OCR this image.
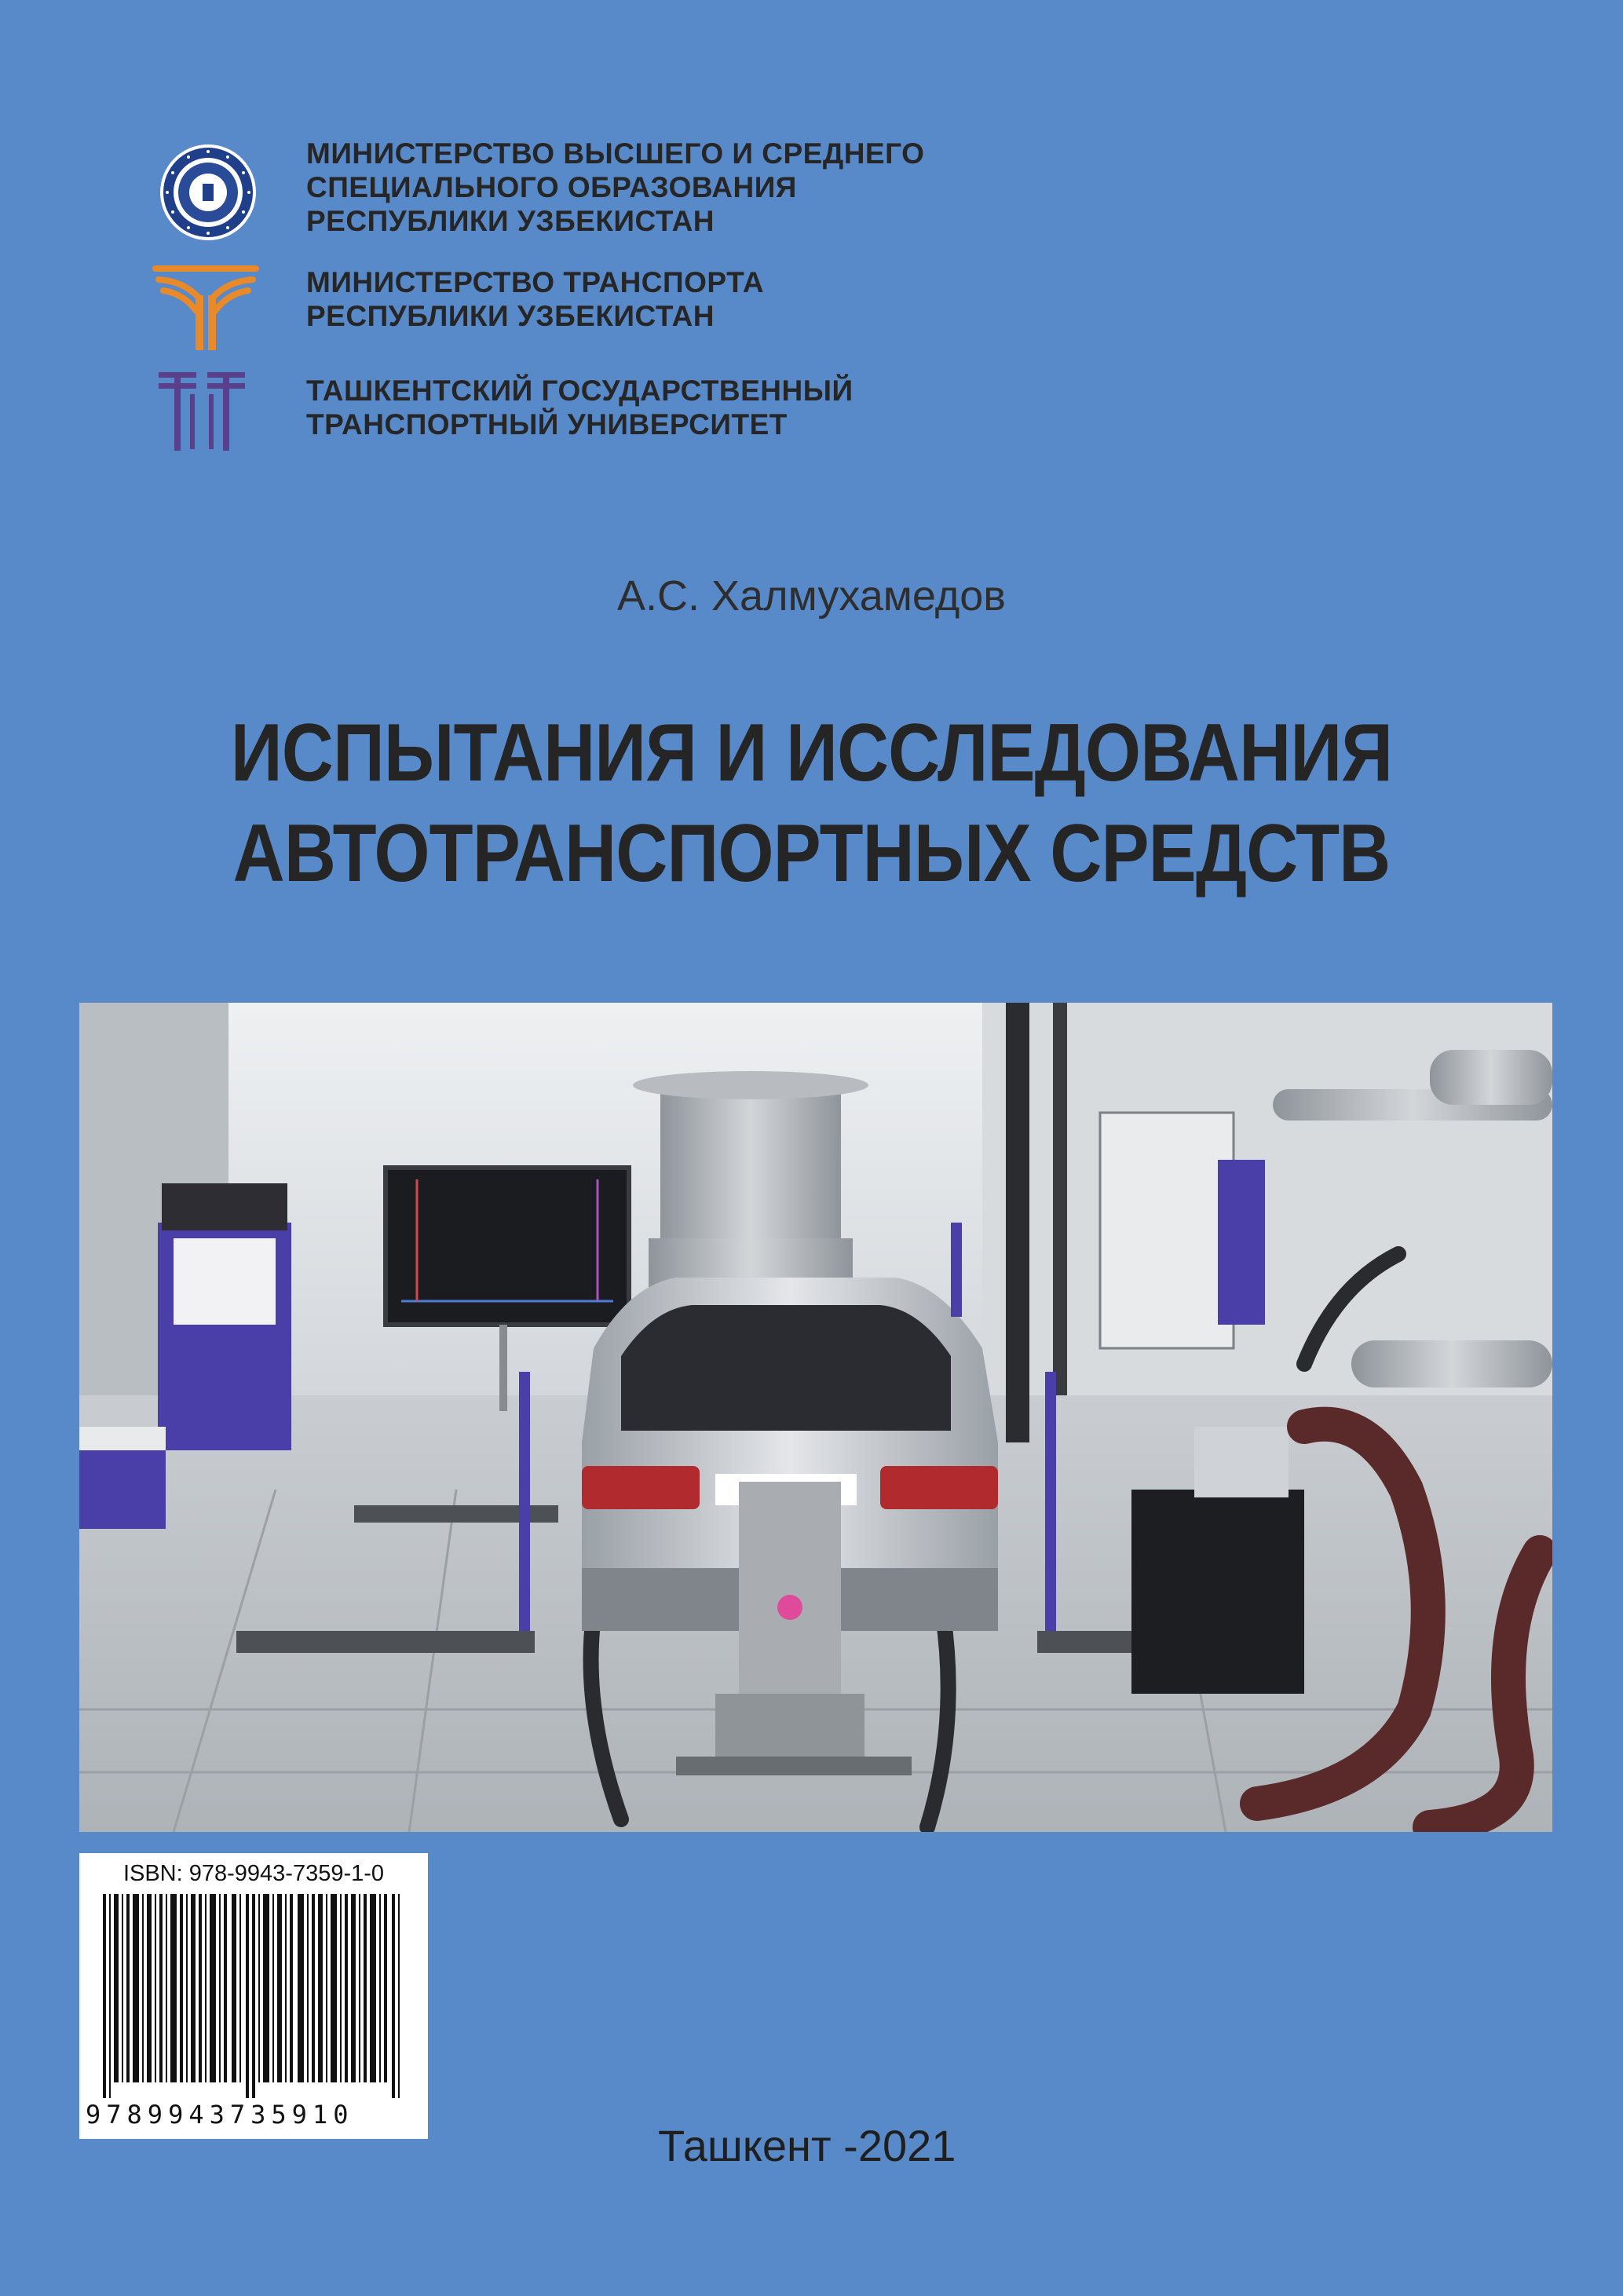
МИНИСТЕРСТВО ВЫСШЕГО И СРЕДНЕГО
СПЕЦИАЛЬНОГО ОБРАЗОВАНИЯ
РЕСПУБЛИКИ УЗБЕКИСТАН
МИНИСТЕРСТВО ТРАНСПОРТА
РЕСПУБЛИКИ УЗБЕКИСТАН
ТАШКЕНТСКИЙ ГОСУДАРСТВЕННЫЙ
ТРАНСПОРТНЫЙ УНИВЕРСИТЕТ
А.С. Халмухамедов
ИСПЫТАНИЯ И ИССЛЕДОВАНИЯ
АВТОТРАНСПОРТНЫХ СРЕДСТВ
ISBN: 978-9943-7359-1-0
9789943735910
Ташкент -2021
